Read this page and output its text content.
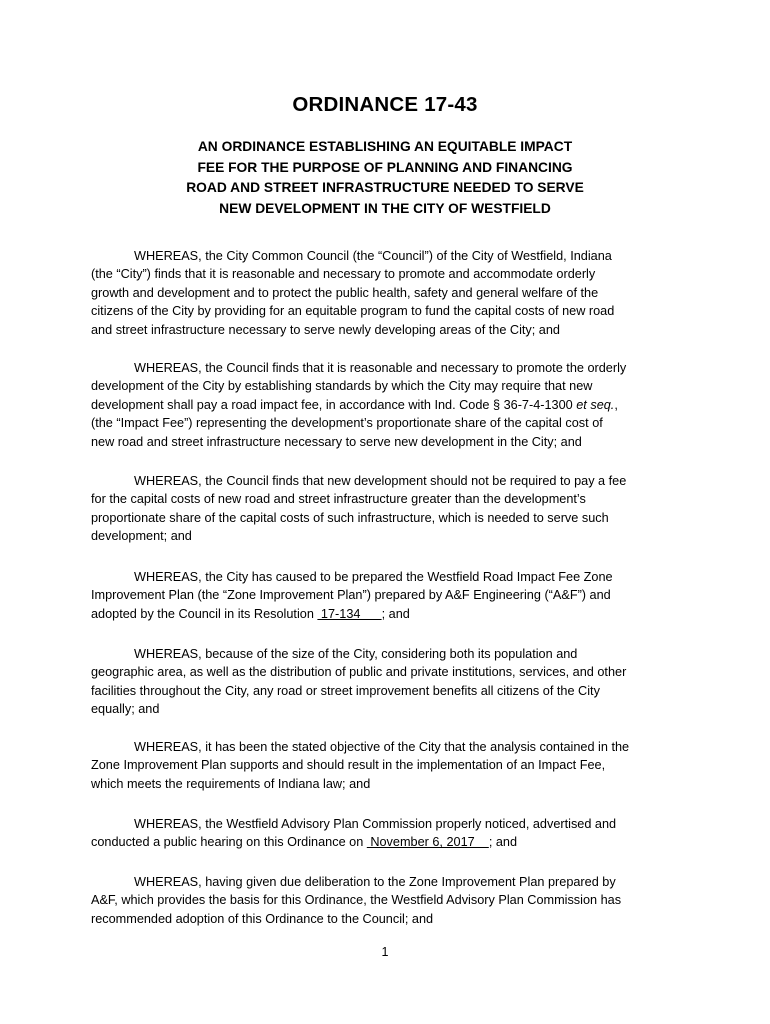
ORDINANCE 17-43
AN ORDINANCE ESTABLISHING AN EQUITABLE IMPACT
FEE FOR THE PURPOSE OF PLANNING AND FINANCING
ROAD AND STREET INFRASTRUCTURE NEEDED TO SERVE
NEW DEVELOPMENT IN THE CITY OF WESTFIELD
WHEREAS, the City Common Council (the “Council”) of the City of Westfield, Indiana
(the “City”) finds that it is reasonable and necessary to promote and accommodate orderly
growth and development and to protect the public health, safety and general welfare of the
citizens of the City by providing for an equitable program to fund the capital costs of new road
and street infrastructure necessary to serve newly developing areas of the City; and
WHEREAS, the Council finds that it is reasonable and necessary to promote the orderly
development of the City by establishing standards by which the City may require that new
development shall pay a road impact fee, in accordance with Ind. Code § 36-7-4-1300 et seq.,
(the “Impact Fee”) representing the development’s proportionate share of the capital cost of
new road and street infrastructure necessary to serve new development in the City; and
WHEREAS, the Council finds that new development should not be required to pay a fee
for the capital costs of new road and street infrastructure greater than the development’s
proportionate share of the capital costs of such infrastructure, which is needed to serve such
development; and
WHEREAS, the City has caused to be prepared the Westfield Road Impact Fee Zone
Improvement Plan (the “Zone Improvement Plan”) prepared by A&F Engineering (“A&F”) and
adopted by the Council in its Resolution  17-134      ; and
WHEREAS, because of the size of the City, considering both its population and
geographic area, as well as the distribution of public and private institutions, services, and other
facilities throughout the City, any road or street improvement benefits all citizens of the City
equally; and
WHEREAS, it has been the stated objective of the City that the analysis contained in the
Zone Improvement Plan supports and should result in the implementation of an Impact Fee,
which meets the requirements of Indiana law; and
WHEREAS, the Westfield Advisory Plan Commission properly noticed, advertised and
conducted a public hearing on this Ordinance on  November 6, 2017    ; and
WHEREAS, having given due deliberation to the Zone Improvement Plan prepared by
A&F, which provides the basis for this Ordinance, the Westfield Advisory Plan Commission has
recommended adoption of this Ordinance to the Council; and
1
